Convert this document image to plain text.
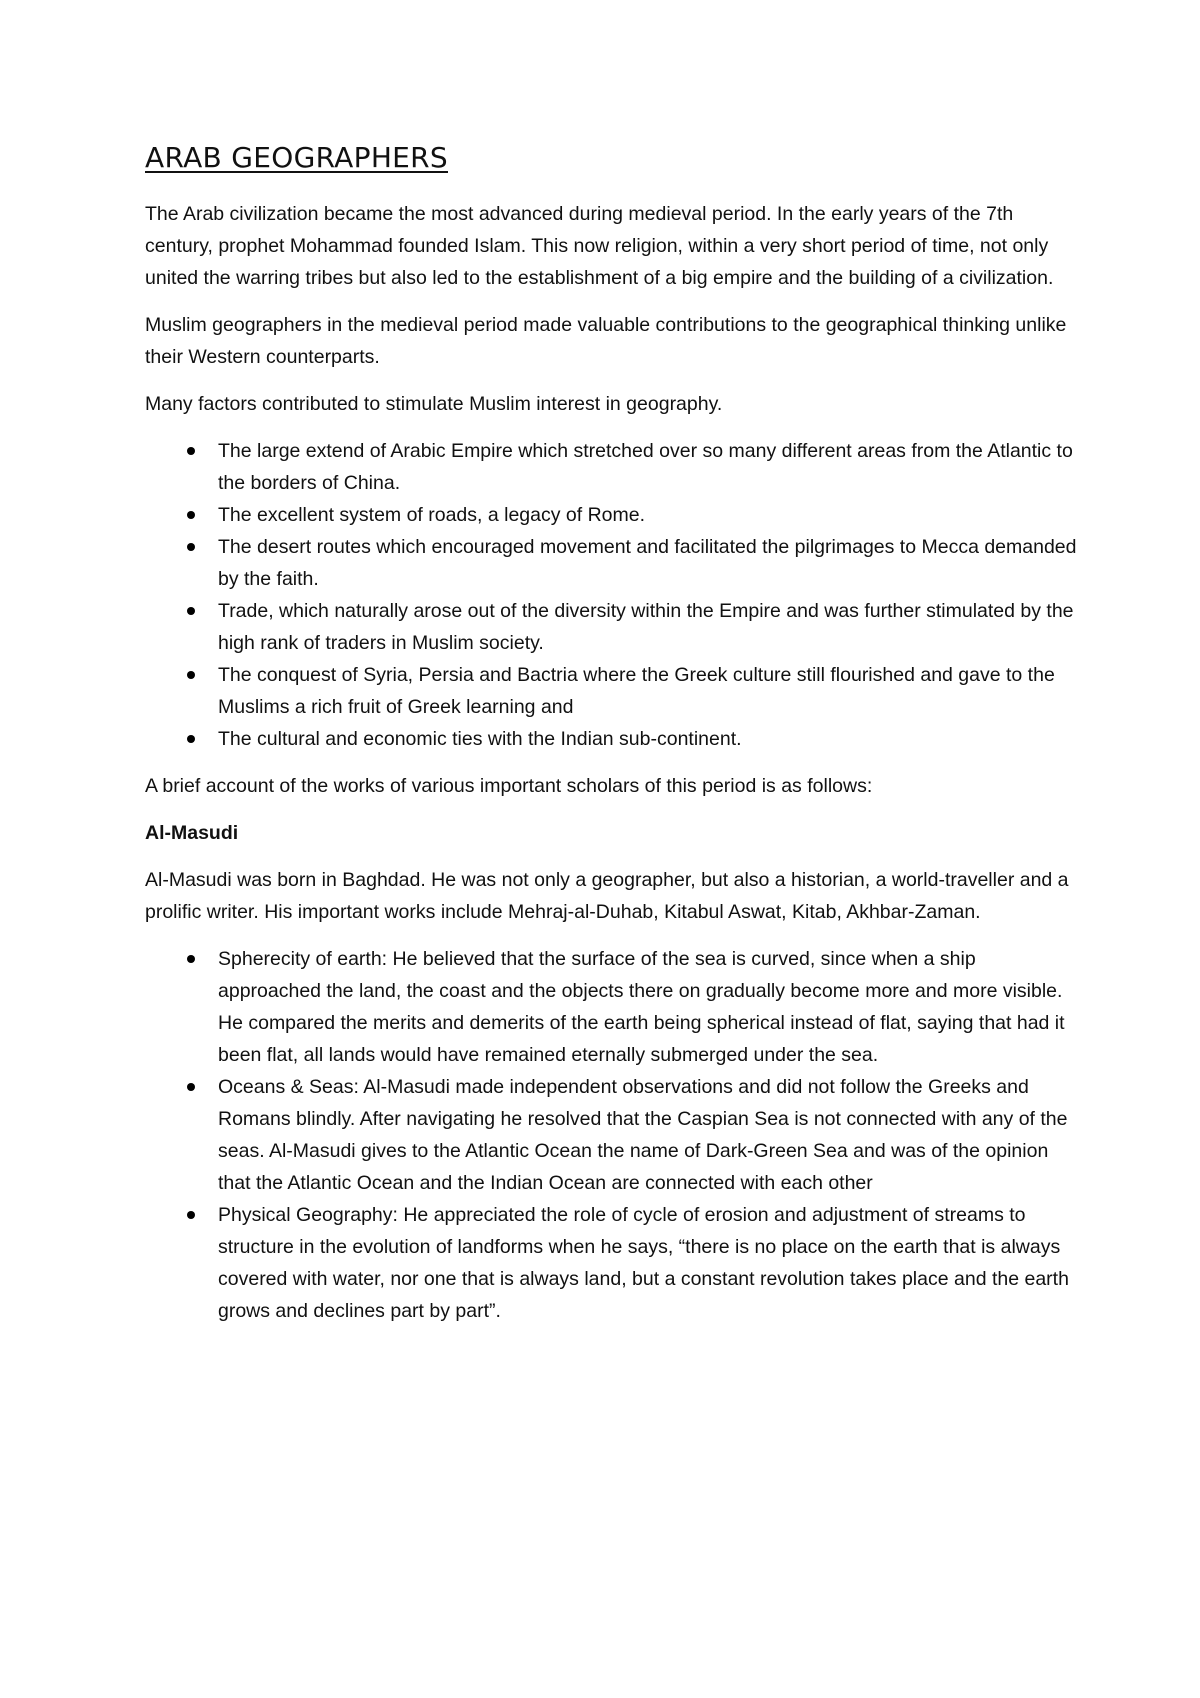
ARAB GEOGRAPHERS

The Arab civilization became the most advanced during medieval period. In the early years of the 7th century, prophet Mohammad founded Islam. This now religion, within a very short period of time, not only united the warring tribes but also led to the establishment of a big empire and the building of a civilization.

Muslim geographers in the medieval period made valuable contributions to the geographical thinking unlike their Western counterparts.

Many factors contributed to stimulate Muslim interest in geography.

The large extend of Arabic Empire which stretched over so many different areas from the Atlantic to the borders of China.
The excellent system of roads, a legacy of Rome.
The desert routes which encouraged movement and facilitated the pilgrimages to Mecca demanded by the faith.
Trade, which naturally arose out of the diversity within the Empire and was further stimulated by the high rank of traders in Muslim society.
The conquest of Syria, Persia and Bactria where the Greek culture still flourished and gave to the Muslims a rich fruit of Greek learning and
The cultural and economic ties with the Indian sub-continent.

A brief account of the works of various important scholars of this period is as follows:

Al-Masudi

Al-Masudi was born in Baghdad. He was not only a geographer, but also a historian, a world-traveller and a prolific writer. His important works include Mehraj-al-Duhab, Kitabul Aswat, Kitab, Akhbar-Zaman.

Spherecity of earth: He believed that the surface of the sea is curved, since when a ship approached the land, the coast and the objects there on gradually become more and more visible. He compared the merits and demerits of the earth being spherical instead of flat, saying that had it been flat, all lands would have remained eternally submerged under the sea.
Oceans & Seas: Al-Masudi made independent observations and did not follow the Greeks and Romans blindly. After navigating he resolved that the Caspian Sea is not connected with any of the seas. Al-Masudi gives to the Atlantic Ocean the name of Dark-Green Sea and was of the opinion that the Atlantic Ocean and the Indian Ocean are connected with each other
Physical Geography: He appreciated the role of cycle of erosion and adjustment of streams to structure in the evolution of landforms when he says, “there is no place on the earth that is always covered with water, nor one that is always land, but a constant revolution takes place and the earth grows and declines part by part”.
